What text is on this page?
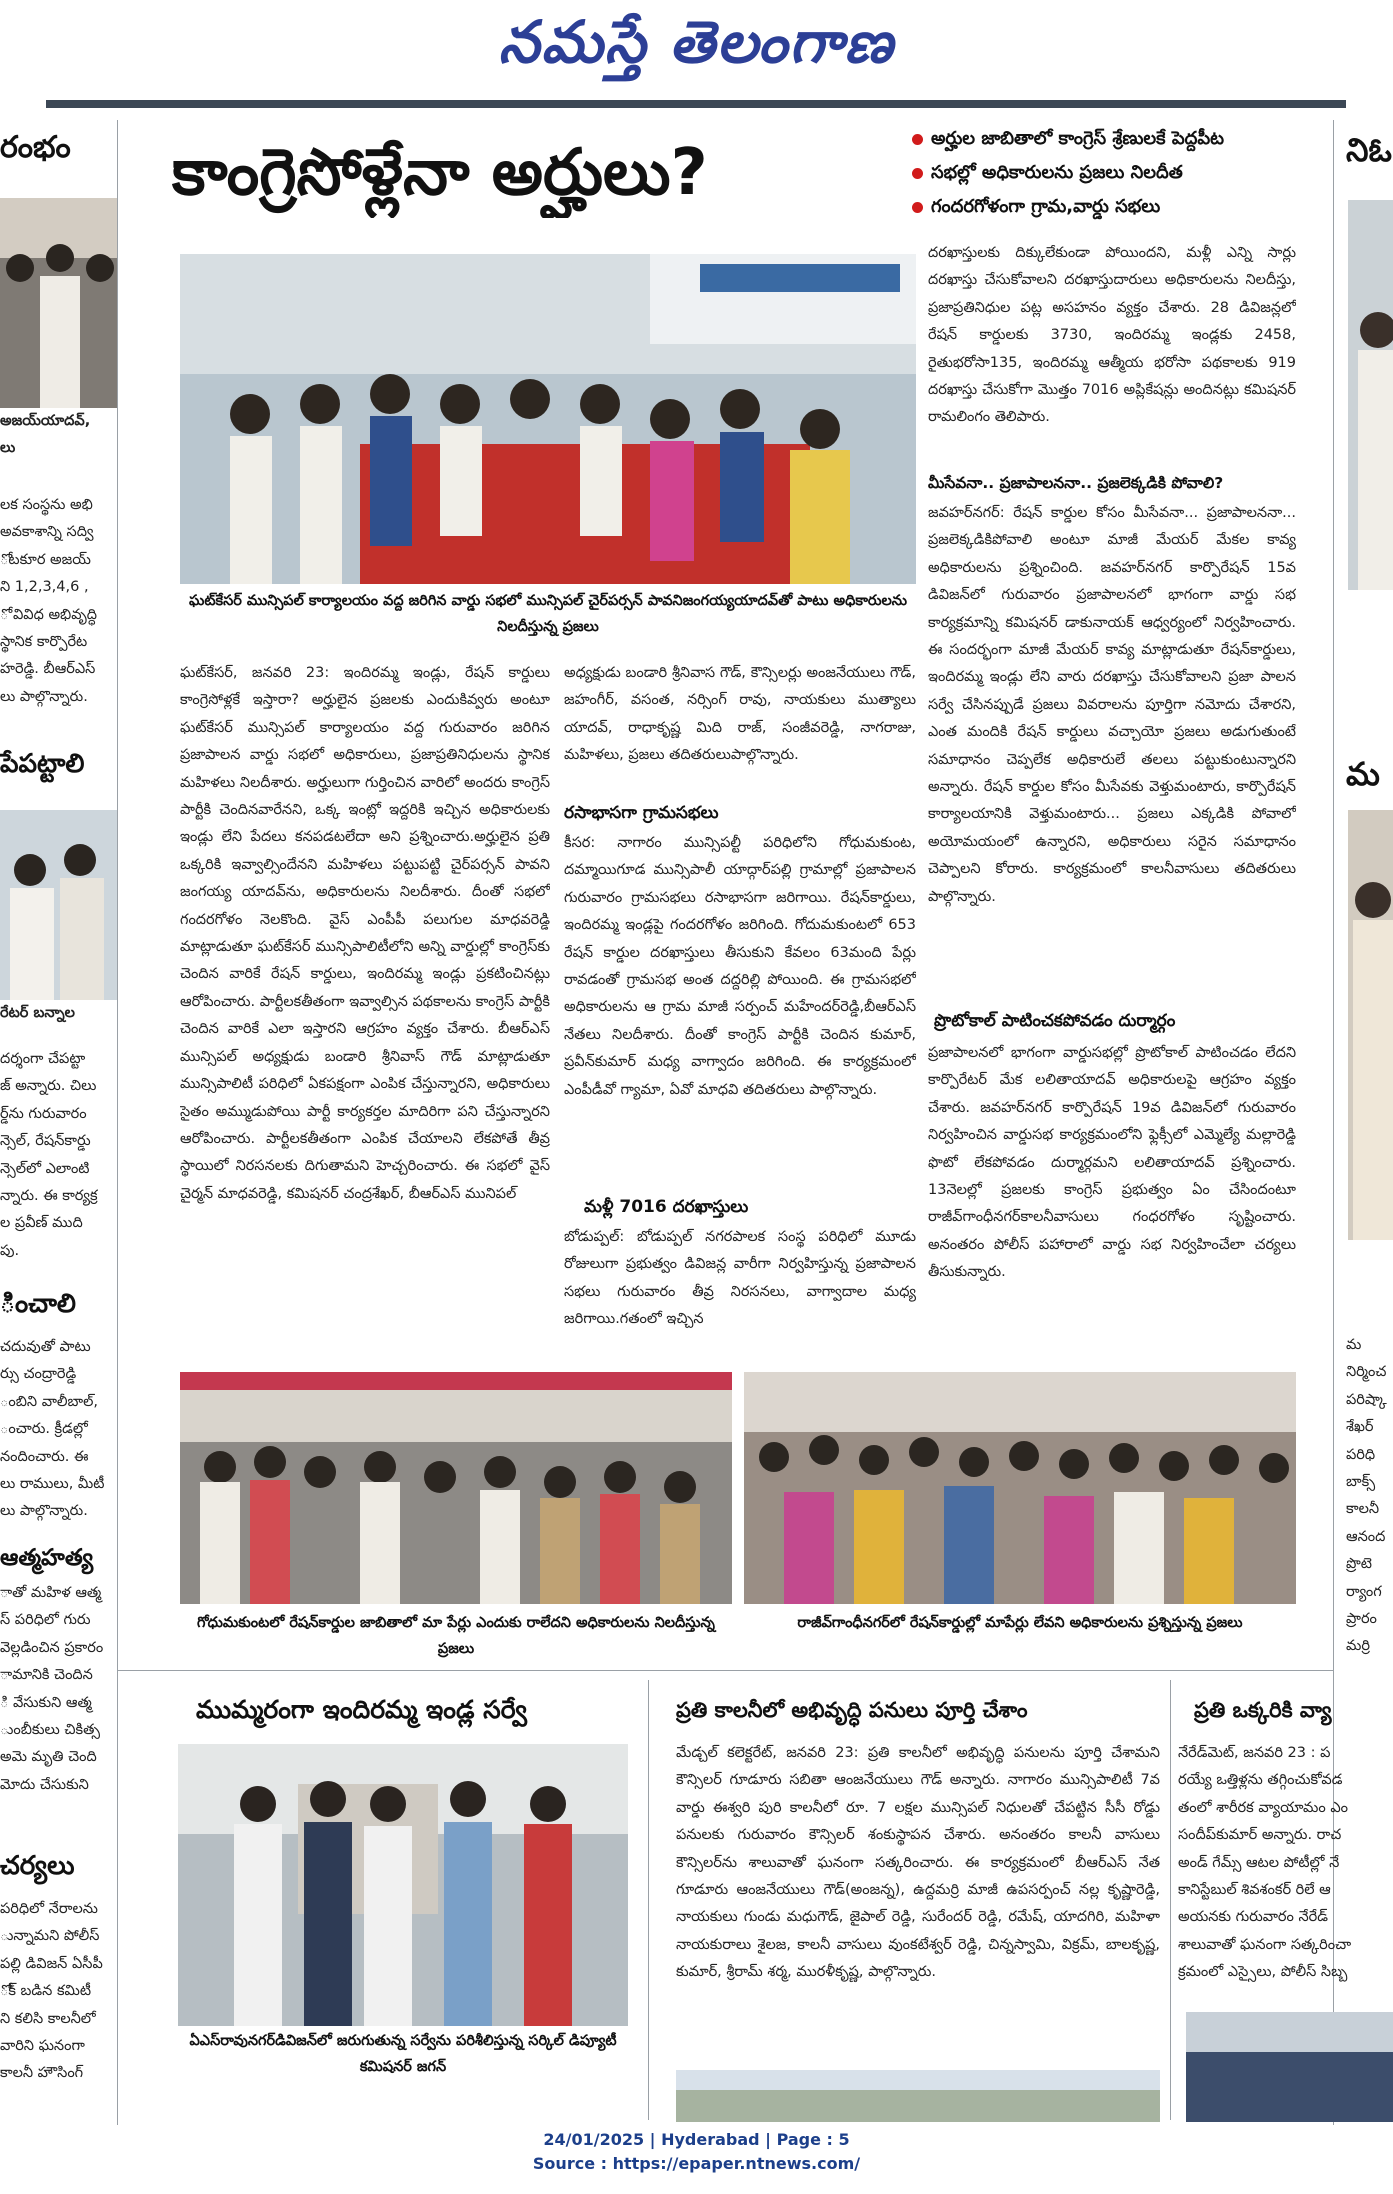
నమస్తే తెలంగాణ
కాంగ్రెసోళ్లేనా అర్హులు?	అర్హుల జాబితాలో కాంగ్రెస్ శ్రేణులకే పెద్దపీట
సభల్లో అధికారులను ప్రజలు నిలదీత
గందరగోళంగా గ్రామ,వార్డు సభలు
ఘట్‌కేసర్ మున్సిపల్ కార్యాలయం వద్ద జరిగిన వార్డు సభలో మున్సిపల్ చైర్‌పర్సన్ పావనిజంగయ్యయాదవ్‌తో పాటు అధికారులను నిలదీస్తున్న ప్రజలు

ఘట్‌కేసర్, జనవరి 23: ఇందిరమ్మ ఇండ్లు, రేషన్ కార్డులు కాంగ్రెసోళ్లకే ఇస్తారా? అర్హులైన ప్రజలకు ఎందుకివ్వరు అంటూ ఘట్‌కేసర్ మున్సిపల్ కార్యాలయం వద్ద గురువారం జరిగిన ప్రజాపాలన వార్డు సభలో అధికారులు, ప్రజాప్రతినిధులను స్థానిక మహిళలు నిలదీశారు. అర్హులుగా గుర్తించిన వారిలో అందరు కాంగ్రెస్ పార్టీకి చెందినవారేనని, ఒక్క ఇంట్లో ఇద్దరికి ఇచ్చిన అధికారులకు ఇండ్లు లేని పేదలు కనపడటలేదా అని ప్రశ్నించారు.అర్హులైన ప్రతి ఒక్కరికి ఇవ్వాల్సిందేనని మహిళలు పట్టుపట్టి చైర్‌పర్సన్ పావని జంగయ్య యాదవ్‌ను, అధికారులను నిలదీశారు. దీంతో సభలో గందరగోళం నెలకొంది. వైస్ ఎంపీపీ పలుగుల మాధవరెడ్డి మాట్లాడుతూ ఘట్‌కేసర్ మున్సిపాలిటీలోని అన్ని వార్డుల్లో కాంగ్రెస్‌కు చెందిన వారికే రేషన్ కార్డులు, ఇందిరమ్మ ఇండ్లు ప్రకటించినట్లు ఆరోపించారు. పార్టీలకతీతంగా ఇవ్వాల్సిన పథకాలను కాంగ్రెస్ పార్టీకి చెందిన వారికే ఎలా ఇస్తారని ఆగ్రహం వ్యక్తం చేశారు. బీఆర్‌ఎస్ మున్సిపల్ అధ్యక్షుడు బండారి శ్రీనివాస్ గౌడ్ మాట్లాడుతూ మున్సిపాలిటీ పరిధిలో ఏకపక్షంగా ఎంపిక చేస్తున్నారని, అధికారులు సైతం అమ్ముడుపోయి పార్టీ కార్యకర్తల మాదిరిగా పని చేస్తున్నారని ఆరోపించారు. పార్టీలకతీతంగా ఎంపిక చేయాలని లేకపోతే తీవ్ర స్థాయిలో నిరసనలకు దిగుతామని హెచ్చరించారు. ఈ సభలో వైస్ చైర్మన్ మాధవరెడ్డి, కమిషనర్ చంద్రశేఖర్, బీఆర్‌ఎస్ మునిపల్

అధ్యక్షుడు బండారి శ్రీనివాస గౌడ్, కౌన్సిలర్లు అంజనేయులు గౌడ్, జహంగీర్, వసంత, నర్సింగ్ రావు, నాయకులు ముత్యాలు యాదవ్, రాధాకృష్ణ మిది రాజ్, సంజీవరెడ్డి, నాగరాజు, మహిళలు, ప్రజలు తదితరులుపాల్గొన్నారు.

రసాభాసగా గ్రామసభలు

కీసర: నాగారం మున్సిపల్టీ పరిధిలోని గోధుమకుంట, దమ్మాయిగూడ మున్సిపాలీ యాద్గార్‌పల్లి గ్రామాల్లో ప్రజాపాలన గురువారం గ్రామసభలు రసాభాసగా జరిగాయి. రేషన్‌కార్డులు, ఇందిరమ్మ ఇండ్లపై గందరగోళం జరిగింది. గోదుమకుంటలో 653 రేషన్ కార్డుల దరఖాస్తులు తీసుకుని కేవలం 63మంది పేర్లు రావడంతో గ్రామసభ అంత దద్దరిల్లి పోయింది. ఈ గ్రామసభలో అధికారులను ఆ గ్రామ మాజీ సర్పంచ్ మహేందర్‌రెడ్డి,బీఆర్‌ఎస్ నేతలు నిలదీశారు. దీంతో కాంగ్రెస్ పార్టీకి చెందిన కుమార్, ప్రవీన్‌కుమార్ మధ్య వాగ్వాదం జరిగింది. ఈ కార్యక్రమంలో ఎంపీడీవో గ్యామా, ఏవో మాధవి తదితరులు పాల్గొన్నారు.

మళ్లీ 7016 దరఖాస్తులు

బోడుప్పల్: బోడుప్పల్ నగరపాలక సంస్థ పరిధిలో మూడు రోజులుగా ప్రభుత్వం డివిజన్ల వారీగా నిర్వహిస్తున్న ప్రజాపాలన సభలు గురువారం తీవ్ర నిరసనలు, వాగ్వాదాల మధ్య జరిగాయి.గతంలో ఇచ్చిన

దరఖాస్తులకు దిక్కులేకుండా పోయిందని, మళ్లీ ఎన్ని సార్లు దరఖాస్తు చేసుకోవాలని దరఖాస్తుదారులు అధికారులను నిలదీస్తు, ప్రజాప్రతినిధుల పట్ల అసహనం వ్యక్తం చేశారు. 28 డివిజన్లలో రేషన్ కార్డులకు 3730, ఇందిరమ్మ ఇండ్లకు 2458, రైతుభరోసా135, ఇందిరమ్మ ఆత్మీయ భరోసా పథకాలకు 919 దరఖాస్తు చేసుకోగా మొత్తం 7016 అప్లికేషన్లు అందినట్లు కమిషనర్ రామలింగం తెలిపారు.

మీసేవనా.. ప్రజాపాలననా.. ప్రజలెక్కడికి పోవాలి?

జవహర్‌నగర్: రేషన్ కార్డుల కోసం మీసేవనా... ప్రజాపాలననా... ప్రజలెక్కడికిపోవాలి అంటూ మాజీ మేయర్ మేకల కావ్య అధికారులను ప్రశ్నించింది. జవహర్‌నగర్ కార్పొరేషన్ 15వ డివిజన్‌లో గురువారం ప్రజాపాలనలో భాగంగా వార్డు సభ కార్యక్రమాన్ని కమిషనర్ డాకునాయక్ ఆధ్వర్యంలో నిర్వహించారు. ఈ సందర్భంగా మాజీ మేయర్ కావ్య మాట్లాడుతూ రేషన్‌కార్డులు, ఇందిరమ్మ ఇండ్లు లేని వారు దరఖాస్తు చేసుకోవాలని ప్రజా పాలన సర్వే చేసినప్పుడే ప్రజలు వివరాలను పూర్తిగా నమోదు చేశారని, ఎంత మందికి రేషన్ కార్డులు వచ్చాయో ప్రజలు అడుగుతుంటే సమాధానం చెప్పలేక అధికారులే తలలు పట్టుకుంటున్నారని అన్నారు. రేషన్ కార్డుల కోసం మీసేవకు వెళ్తుమంటారు, కార్పొరేషన్ కార్యాలయానికి వెళ్తుమంటారు... ప్రజలు ఎక్కడికి పోవాలో అయోమయంలో ఉన్నారని, అధికారులు సరైన సమాధానం చెప్పాలని కోరారు. కార్యక్రమంలో కాలనీవాసులు తదితరులు పాల్గొన్నారు.

ప్రొటోకాల్ పాటించకపోవడం దుర్మార్గం

ప్రజాపాలనలో భాగంగా వార్డుసభల్లో ప్రొటోకాల్ పాటించడం లేదని కార్పొరేటర్ మేక లలితాయాదవ్ అధికారులపై ఆగ్రహం వ్యక్తం చేశారు. జవహర్‌నగర్ కార్పొరేషన్ 19వ డివిజన్‌లో గురువారం నిర్వహించిన వార్డుసభ కార్యక్రమంలోని ఫ్లెక్సీలో ఎమ్మెల్యే మల్లారెడ్డి ఫొటో లేకపోవడం దుర్మార్గమని లలితాయాదవ్ ప్రశ్నించారు. 13నెలల్లో ప్రజలకు కాంగ్రెస్ ప్రభుత్వం ఏం చేసిందంటూ రాజీవ్‌గాంధీనగర్‌కాలనీవాసులు గంధరగోళం సృష్టించారు. అనంతరం పోలీస్ పహారాలో వార్డు సభ నిర్వహించేలా చర్యలు తీసుకున్నారు.

గోధుమకుంటలో రేషన్‌కార్డుల జాబితాలో మా పేర్లు ఎందుకు రాలేదని అధికారులను నిలదీస్తున్న ప్రజలు
రాజీవ్‌గాంధీనగర్‌లో రేషన్‌కార్డుల్లో మాపేర్లు లేవని అధికారులను ప్రశ్నిస్తున్న ప్రజలు
ముమ్మరంగా ఇందిరమ్మ ఇండ్ల సర్వే
ఏఎస్‌రావునగర్‌డివిజన్‌లో జరుగుతున్న సర్వేను పరిశీలిస్తున్న సర్కిల్ డిప్యూటీ కమిషనర్ జగన్
ప్రతి కాలనీలో అభివృద్ధి పనులు పూర్తి చేశాం

మేడ్చల్ కలెక్టరేట్, జనవరి 23: ప్రతి కాలనీలో అభివృద్ధి పనులను పూర్తి చేశామని కౌన్సిలర్ గూడూరు సబితా ఆంజనేయులు గౌడ్ అన్నారు. నాగారం మున్సిపాలిటీ 7వ వార్డు ఈశ్వరి పురి కాలనీలో రూ. 7 లక్షల మున్సిపల్ నిధులతో చేపట్టిన సీసీ రోడ్డు పనులకు గురువారం కౌన్సిలర్ శంకుస్థాపన చేశారు. అనంతరం కాలనీ వాసులు కౌన్సిలర్‌ను శాలువాతో ఘనంగా సత్కరించారు. ఈ కార్యక్రమంలో బీఆర్‌ఎస్ నేత గూడూరు ఆంజనేయులు గౌడ్(అంజన్న), ఉద్దమర్రి మాజీ ఉపసర్పంచ్ నల్ల కృష్ణారెడ్డి, నాయకులు గుండు మధుగౌడ్, జైపాల్ రెడ్డి, సురేందర్ రెడ్డి, రమేష్, యాదగిరి, మహిళా నాయకురాలు శైలజ, కాలనీ వాసులు వుంకటేశ్వర్ రెడ్డి, చిన్నస్వామి, విక్రమ్, బాలకృష్ణ, కుమార్, శ్రీరామ్ శర్మ, మురళీకృష్ణ, పాల్గొన్నారు.

ప్రతి ఒక్కరికి వ్యా

నేరేడ్‌మెట్, జనవరి 23 : ప

రయ్యే ఒత్తిళ్లను తగ్గించుకోవడ

తంలో శారీరక వ్యాయామం ఎం

సందీప్‌కుమార్ అన్నారు. రాచ

అండ్ గేమ్స్ ఆటల పోటీల్లో నే

కానిస్టేబుల్ శివశంకర్ రిలే ఆ

అయనకు గురువారం నేరేడ్

శాలువాతో ఘనంగా సత్కరించా

క్రమంలో ఎస్సైలు, పోలీస్ సిబ్బ

రంభం

అజయ్‌యాదవ్,

లు

లక సంస్థను అభి

అవకాశాన్ని సద్వి

ోటకూర అజయ్

ని 1,2,3,4,6 ,

ో వివిధ అభివృద్ధి

స్థానిక కార్పొరేట

హరెడ్డి. బీఆర్‌ఎస్

లు పాల్గొన్నారు.

పేపట్టాలి

రేటర్ బన్నాల

దర్శంగా చేపట్టా

జ్ అన్నారు. చిలు

ర్డ్‌ను గురువారం

న్సెల్, రేషన్‌కార్డు

న్సెల్‌లో ఎలాంటి

న్నారు. ఈ కార్యక్ర

ల ప్రవీణ్ ముది

పు.

ించాలి

చదువుతో పాటు

ర్సు చంద్రారెడ్డి

ంబిని వాలీబాల్,

ంచారు. క్రీడల్లో

నందించారు. ఈ

లు రాములు, మీటీ

లు పాల్గొన్నారు.

ఆత్మహత్య

ాతో మహిళ ఆత్మ

స్ పరిధిలో గురు

వెల్లడించిన ప్రకారం

ామానికి చెందిన

ి వేసుకుని ఆత్మ

ుంబీకులు చికిత్స

అమె మృతి చెంది

మోదు చేసుకుని

చర్యలు

పరిధిలో నేరాలను

ున్నామని పోలీస్

పల్లి డివిజన్ ఏసీపీ

ోక్ బడిన కమిటీ

ని కలిసి కాలనీలో

వారిని ఘనంగా

కాలనీ హౌసింగ్

నిఓ
మ

మ

నిర్మించ

పరిష్కా

శేఖర్

పరిధి

బాక్స్

కాలనీ

ఆనంద

ప్రొటె

ర్యాంగ

ప్రారం

మర్రి

24/01/2025 | Hyderabad | Page : 5
Source : https://epaper.ntnews.com/
